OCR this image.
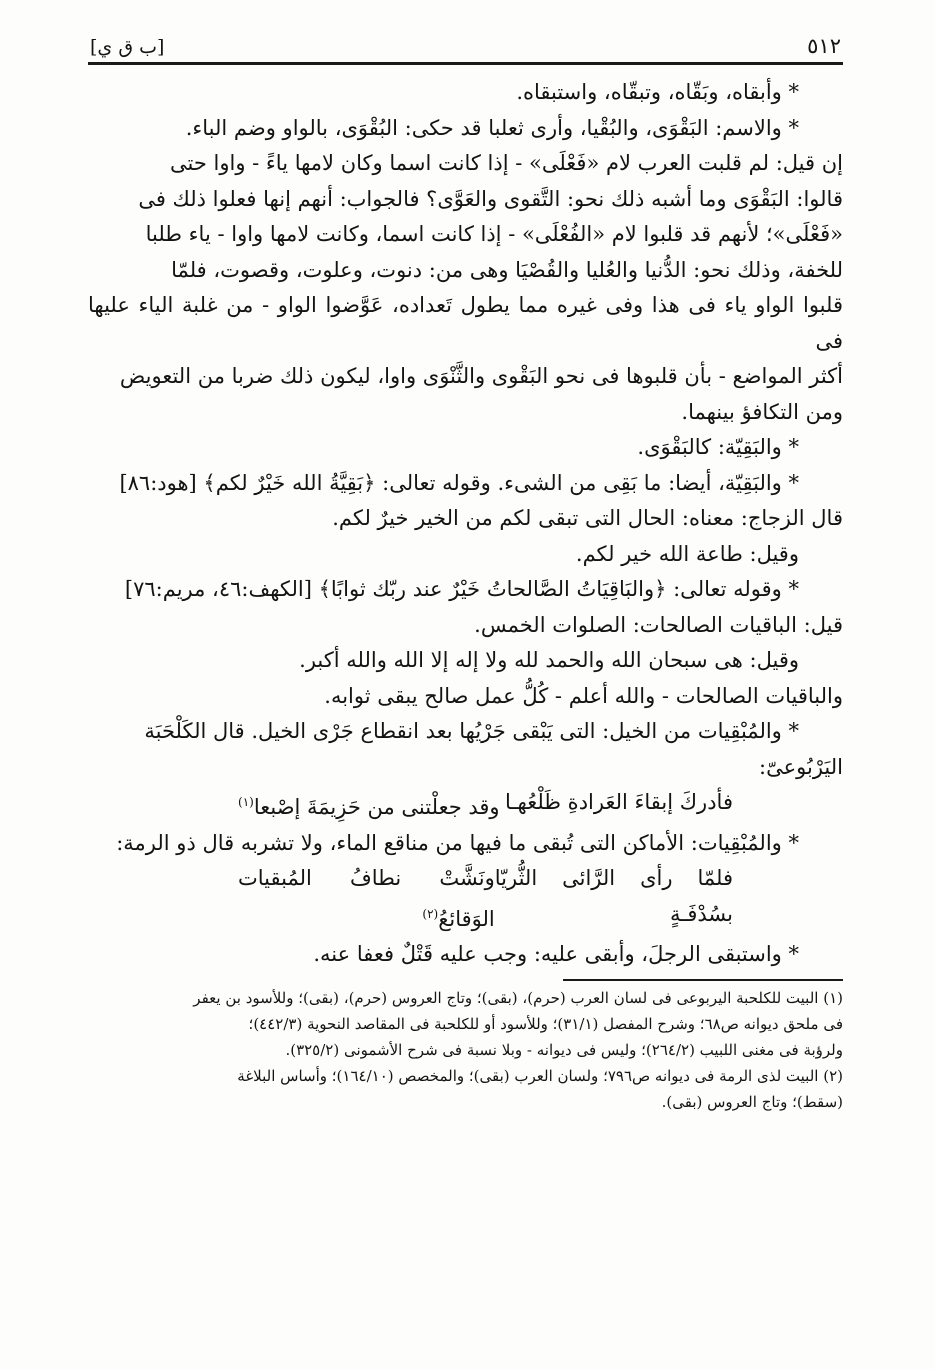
٥١٢
[ب ق ي]

* وأبقاه، وبَقّاه، وتبقّاه، واستبقاه.

* والاسم: البَقْوَى، والبُقْيا، وأرى ثعلبا قد حكى: البُقْوَى، بالواو وضم الباء.

إن قيل: لم قلبت العرب لام «فَعْلَى» - إذا كانت اسما وكان لامها ياءً - واوا حتى

قالوا: البَقْوَى وما أشبه ذلك نحو: التَّقوى والعَوَّى؟ فالجواب: أنهم إنها فعلوا ذلك فى

«فَعْلَى»؛ لأنهم قد قلبوا لام «الفُعْلَى» - إذا كانت اسما، وكانت لامها واوا - ياء طلبا

للخفة، وذلك نحو: الدُّنيا والعُليا والقُصْيَا وهى من: دنوت، وعلوت، وقصوت، فلمّا

قلبوا الواو ياء فى هذا وفى غيره مما يطول تَعداده، عَوَّضوا الواو - من غلبة الياء عليها فى

أكثر المواضع - بأن قلبوها فى نحو البَقْوى والثَّنْوَى واوا، ليكون ذلك ضربا من التعويض

ومن التكافؤ بينهما.

* والبَقِيّة: كالبَقْوَى.

* والبَقِيّة، أيضا: ما بَقِى من الشىء. وقوله تعالى: ﴿بَقِيَّةُ الله خَيْرٌ لكم﴾ [هود:٨٦]

قال الزجاج: معناه: الحال التى تبقى لكم من الخير خيرٌ لكم.

وقيل: طاعة الله خير لكم.

* وقوله تعالى: ﴿والبَاقِيَاتُ الصَّالحاتُ خَيْرٌ عند ربّك ثوابًا﴾ [الكهف:٤٦، مريم:٧٦]

قيل: الباقيات الصالحات: الصلوات الخمس.

وقيل: هى سبحان الله والحمد لله ولا إله إلا الله والله أكبر.

والباقيات الصالحات - والله أعلم - كُلُّ عمل صالح يبقى ثوابه.

* والمُبْقِيات من الخيل: التى يَبْقى جَرْيُها بعد انقطاع جَرْى الخيل. قال الكَلْحَبَة

اليَرْبُوعىّ:

فأدركَ إبقاءَ العَرادةِ ظَلْعُهـا
وقد جعلْتنى من حَزِيمَةَ إصْبعا$^{(١)}$

* والمُبْقِيات: الأماكن التى تُبقى ما فيها من مناقع الماء، ولا تشربه قال ذو الرمة:

فلمّا رأى الرَّائى الثُّريّا بسُدْفَـةٍ
ونَشَّتْ نطافُ المُبقيات الوَقائعُ$^{(٢)}$

* واستبقى الرجلَ، وأبقى عليه: وجب عليه قَتْلٌ فعفا عنه.

(١) البيت للكلحبة اليربوعى فى لسان العرب (حرم)، (بقى)؛ وتاج العروس (حرم)، (بقى)؛ وللأسود بن يعفر

فى ملحق ديوانه ص٦٨؛ وشرح المفصل (٣١/١)؛ وللأسود أو للكلحبة فى المقاصد النحوية (٤٤٢/٣)؛

ولرؤبة فى مغنى اللبيب (٢٦٤/٢)؛ وليس فى ديوانه - وبلا نسبة فى شرح الأشمونى (٣٢٥/٢).

(٢) البيت لذى الرمة فى ديوانه ص٧٩٦؛ ولسان العرب (بقى)؛ والمخصص (١٦٤/١٠)؛ وأساس البلاغة

(سقط)؛ وتاج العروس (بقى).
